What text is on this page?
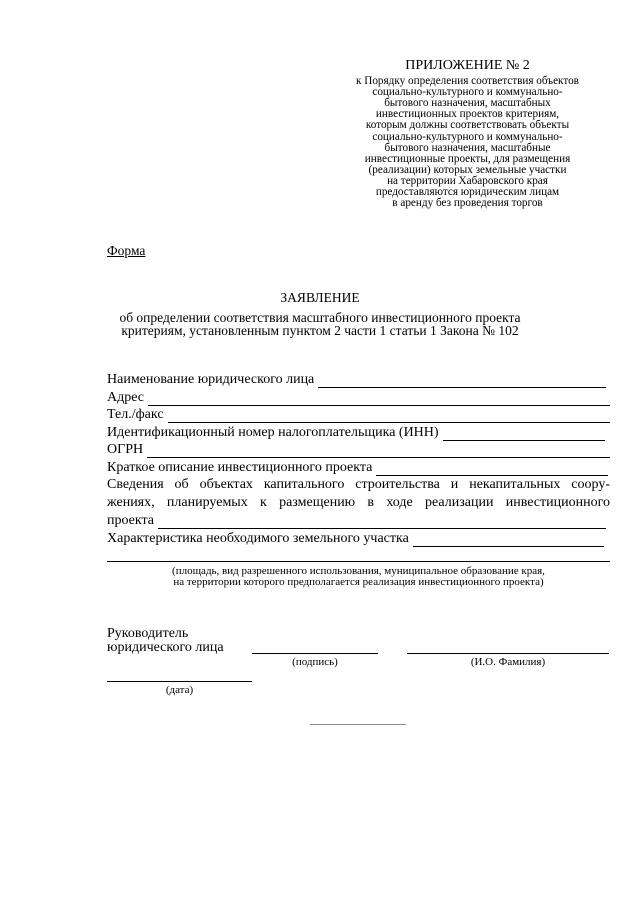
ПРИЛОЖЕНИЕ № 2
к Порядку определения соответствия объектов
социально-культурного и коммунально-
бытового назначения, масштабных
инвестиционных проектов критериям,
которым должны соответствовать объекты
социально-культурного и коммунально-
бытового назначения, масштабные
инвестиционные проекты, для размещения
(реализации) которых земельные участки
на территории Хабаровского края
предоставляются юридическим лицам
в аренду без проведения торгов
Форма
ЗАЯВЛЕНИЕ
об определении соответствия масштабного инвестиционного проекта
критериям, установленным пунктом 2 части 1 статьи 1 Закона № 102
Наименование юридического лица
Адрес
Тел./факс
Идентификационный номер налогоплательщика (ИНН)
ОГРН
Краткое описание инвестиционного проекта
Сведения об объектах капитального строительства и некапитальных соору-
жениях, планируемых к размещению в ходе реализации инвестиционного
проекта
Характеристика необходимого земельного участка
(площадь, вид разрешенного использования, муниципальное образование края,
на территории которого предполагается реализация инвестиционного проекта)
Руководитель
юридического лица
(подпись)	(И.О. Фамилия)
(дата)
